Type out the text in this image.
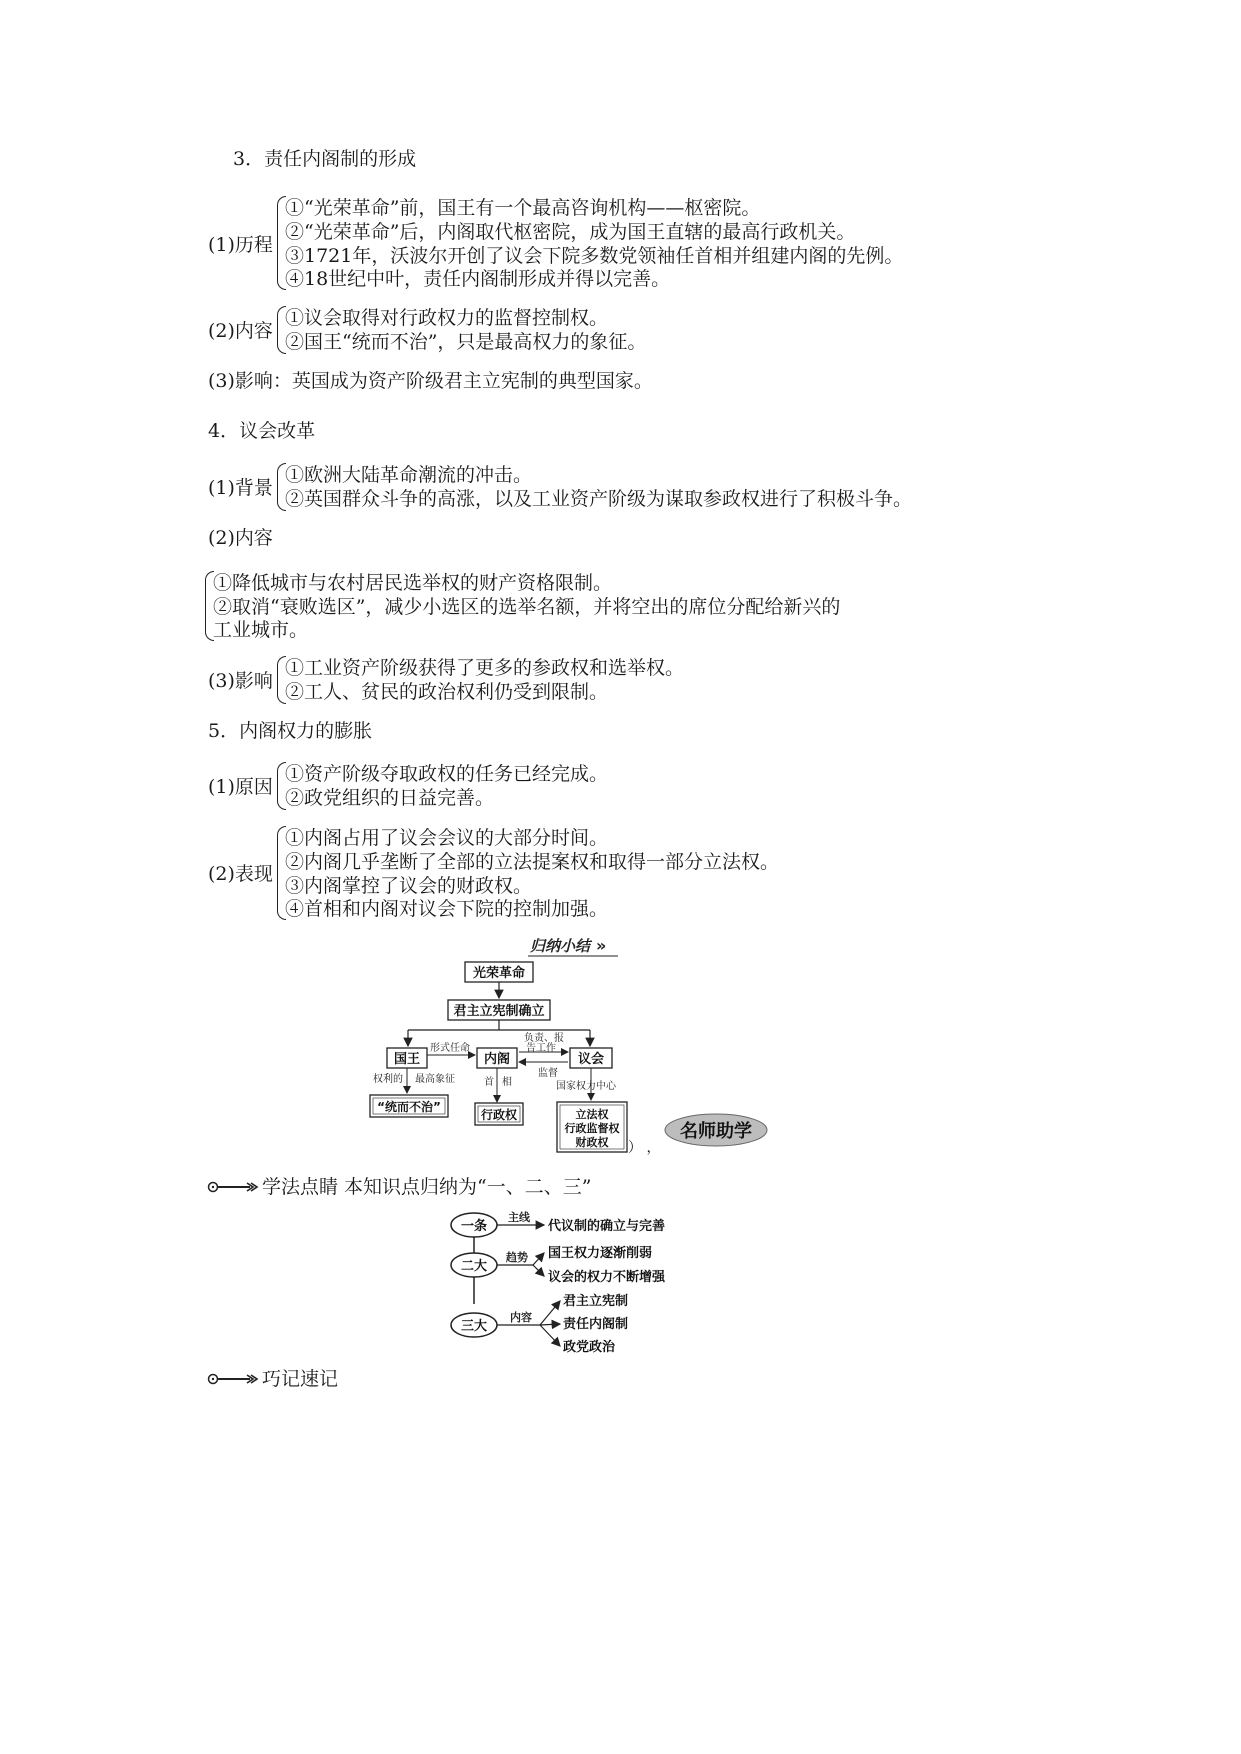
3．责任内阁制的形成
(1)历程
①“光荣革命”前，国王有一个最高咨询机构——枢密院。
②“光荣革命”后，内阁取代枢密院，成为国王直辖的最高行政机关。
③1721年，沃波尔开创了议会下院多数党领袖任首相并组建内阁的先例。
④18世纪中叶，责任内阁制形成并得以完善。
(2)内容
①议会取得对行政权力的监督控制权。
②国王“统而不治”，只是最高权力的象征。
(3)影响：英国成为资产阶级君主立宪制的典型国家。
4．议会改革
(1)背景
①欧洲大陆革命潮流的冲击。
②英国群众斗争的高涨，以及工业资产阶级为谋取参政权进行了积极斗争。
(2)内容
①降低城市与农村居民选举权的财产资格限制。
②取消“衰败选区”，减少小选区的选举名额，并将空出的席位分配给新兴的
工业城市。
(3)影响
①工业资产阶级获得了更多的参政权和选举权。
②工人、贫民的政治权利仍受到限制。
5．内阁权力的膨胀
(1)原因
①资产阶级夺取政权的任务已经完成。
②政党组织的日益完善。
(2)表现
①内阁占用了议会会议的大部分时间。
②内阁几乎垄断了全部的立法提案权和取得一部分立法权。
③内阁掌控了议会的财政权。
④首相和内阁对议会下院的控制加强。
归纳小结 »
光荣革命
君主立宪制确立
国王	内阁	议会
形式任命
负责、报
告工作
监督
权利的 最高象征	首 相	国家权力中心
“统而不治”
行政权	立法权
行政监督权
财政权 ） ，
名师助学
学法点睛 本知识点归纳为“一、二、三”
一条
二大
三大
主线
代议制的确立与完善
趋势 国王权力逐渐削弱
议会的权力不断增强
内容
君主立宪制
责任内阁制
政党政治
巧记速记
